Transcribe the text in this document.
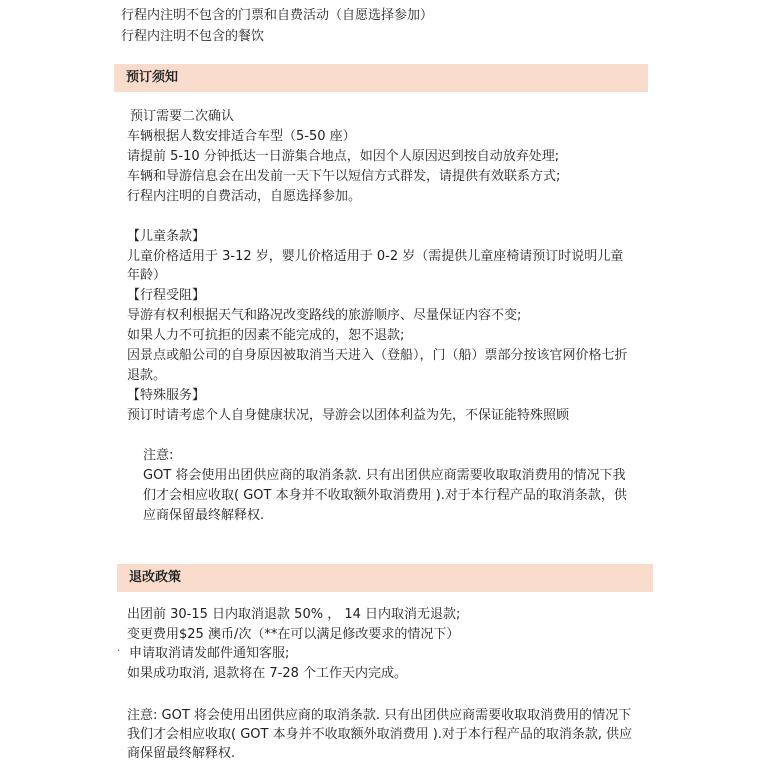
行程内注明不包含的门票和自费活动（自愿选择参加）
行程内注明不包含的餐饮
预订须知
预订需要二次确认
车辆根据人数安排适合车型（5-50 座）
请提前 5-10 分钟抵达一日游集合地点，如因个人原因迟到按自动放弃处理;
车辆和导游信息会在出发前一天下午以短信方式群发，请提供有效联系方式;
行程内注明的自费活动，自愿选择参加。
【儿童条款】
儿童价格适用于 3-12 岁，婴儿价格适用于 0-2 岁（需提供儿童座椅请预订时说明儿童
年龄）
【行程受阻】
导游有权利根据天气和路况改变路线的旅游顺序、尽量保证内容不变;
如果人力不可抗拒的因素不能完成的，恕不退款;
因景点或船公司的自身原因被取消当天进入（登船），门（船）票部分按该官网价格七折
退款。
【特殊服务】
预订时请考虑个人自身健康状况，导游会以团体利益为先，不保证能特殊照顾
注意:
GOT 将会使用出团供应商的取消条款. 只有出团供应商需要收取取消费用的情况下我
们才会相应收取( GOT 本身并不收取额外取消费用 ).对于本行程产品的取消条款，供
应商保留最终解释权.
退改政策
出团前 30-15 日内取消退款 50% ， 14 日内取消无退款;
变更费用$25 澳币/次（**在可以满足修改要求的情况下）
· 申请取消请发邮件通知客服;
如果成功取消, 退款将在 7-28 个工作天内完成。
注意: GOT 将会使用出团供应商的取消条款. 只有出团供应商需要收取取消费用的情况下
我们才会相应收取( GOT 本身并不收取额外取消费用 ).对于本行程产品的取消条款, 供应
商保留最终解释权.
